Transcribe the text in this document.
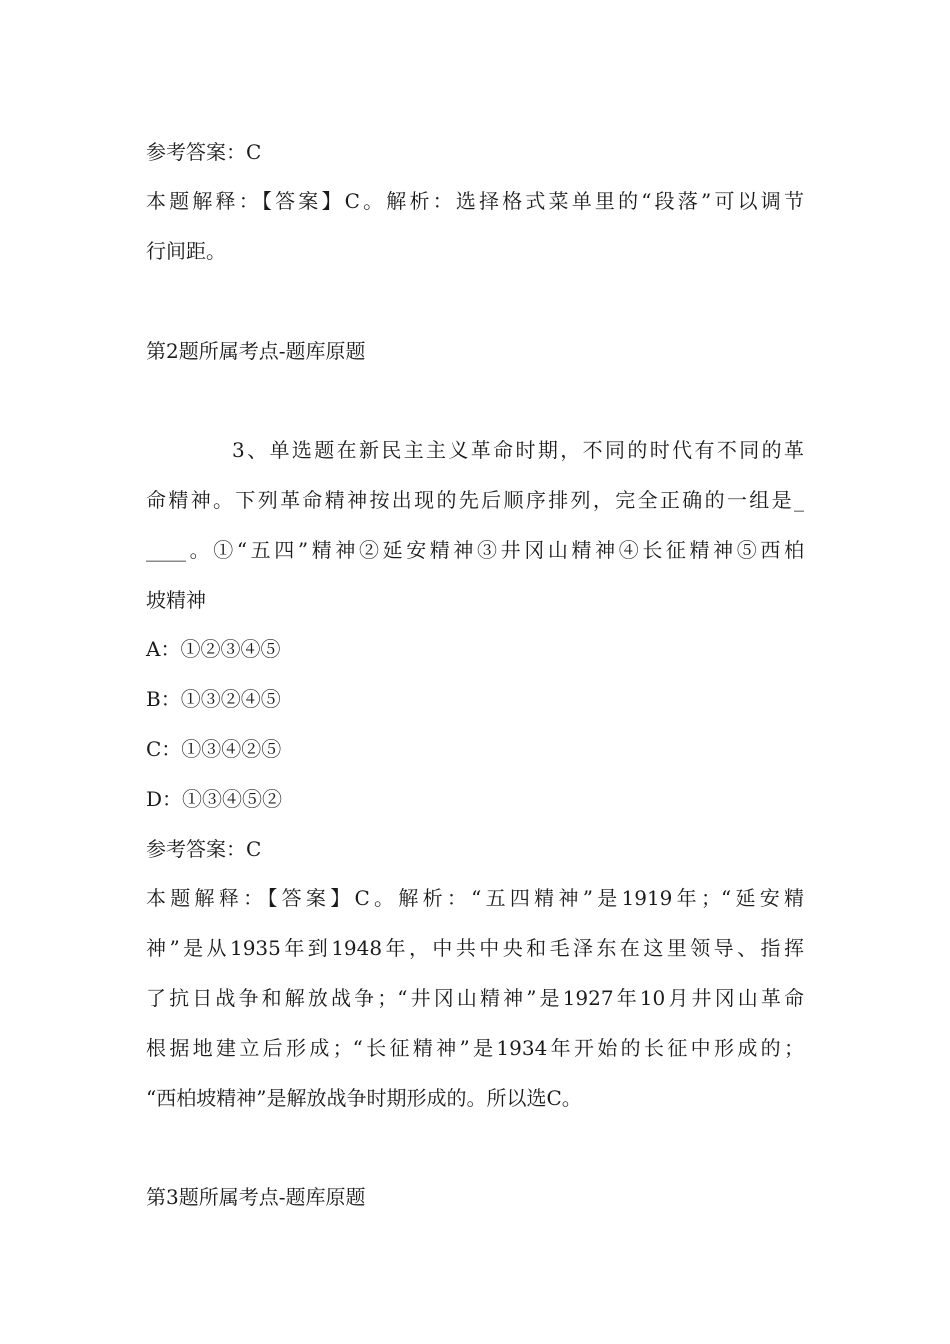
参考答案：C
本题解释：【答案】C。解析：选择格式菜单里的“段落”可以调节
行间距。
第2题所属考点-题库原题
3、单选题在新民主主义革命时期，不同的时代有不同的革
命精神。下列革命精神按出现的先后顺序排列，完全正确的一组是_
____。①“五四”精神②延安精神③井冈山精神④长征精神⑤西柏
坡精神
A：①②③④⑤
B：①③②④⑤
C：①③④②⑤
D：①③④⑤②
参考答案：C
本题解释：【答案】C。解析：“五四精神”是1919年；“延安精
神”是从1935年到1948年，中共中央和毛泽东在这里领导、指挥
了抗日战争和解放战争；“井冈山精神”是1927年10月井冈山革命
根据地建立后形成；“长征精神”是1934年开始的长征中形成的；
“西柏坡精神”是解放战争时期形成的。所以选C。
第3题所属考点-题库原题
